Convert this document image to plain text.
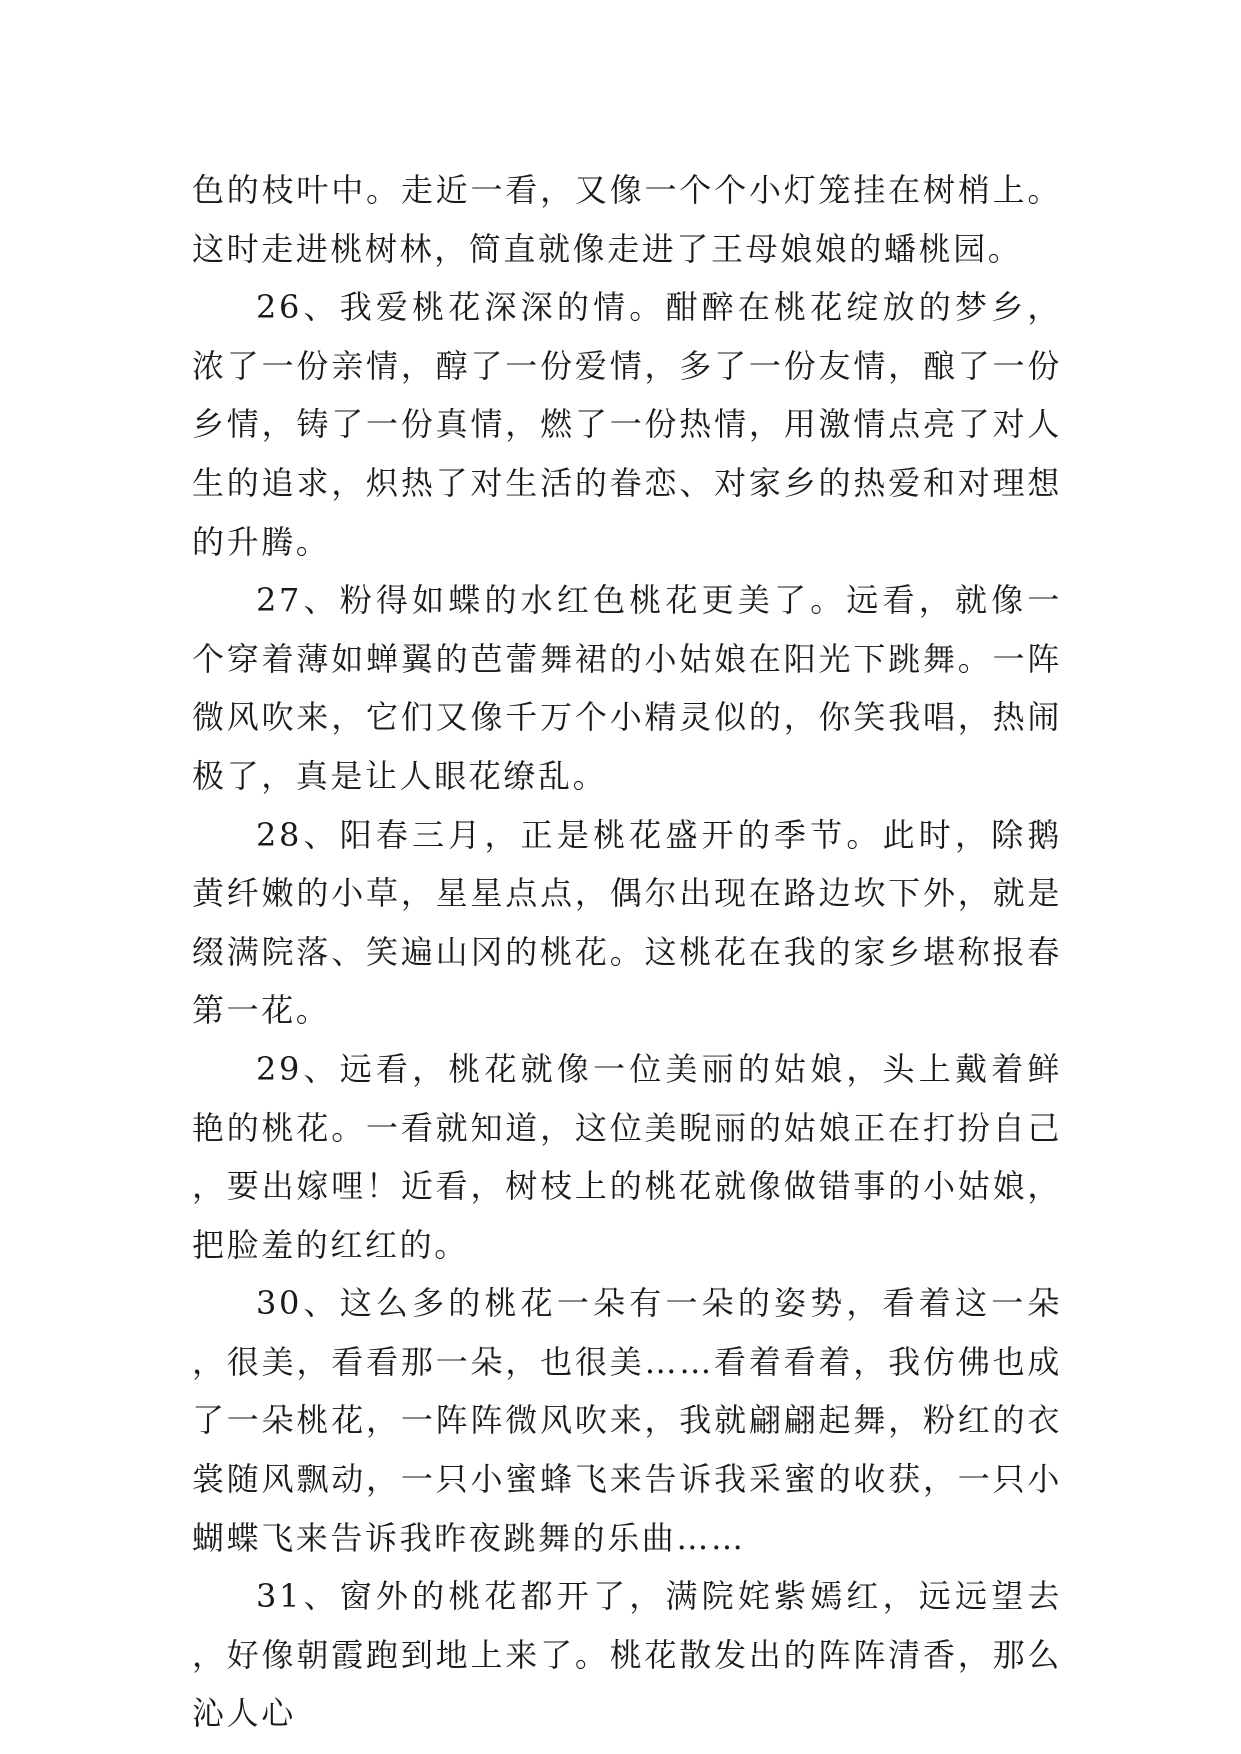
色的枝叶中。走近一看，又像一个个小灯笼挂在树梢上。这时走进桃树林，简直就像走进了王母娘娘的蟠桃园。

26、我爱桃花深深的情。酣醉在桃花绽放的梦乡，浓了一份亲情，醇了一份爱情，多了一份友情，酿了一份乡情，铸了一份真情，燃了一份热情，用激情点亮了对人生的追求，炽热了对生活的眷恋、对家乡的热爱和对理想的升腾。

27、粉得如蝶的水红色桃花更美了。远看，就像一个穿着薄如蝉翼的芭蕾舞裙的小姑娘在阳光下跳舞。一阵微风吹来，它们又像千万个小精灵似的，你笑我唱，热闹极了，真是让人眼花缭乱。

28、阳春三月，正是桃花盛开的季节。此时，除鹅黄纤嫩的小草，星星点点，偶尔出现在路边坎下外，就是缀满院落、笑遍山冈的桃花。这桃花在我的家乡堪称报春第一花。

29、远看，桃花就像一位美丽的姑娘，头上戴着鲜艳的桃花。一看就知道，这位美睨丽的姑娘正在打扮自己，要出嫁哩！近看，树枝上的桃花就像做错事的小姑娘，把脸羞的红红的。

30、这么多的桃花一朵有一朵的姿势，看着这一朵，很美，看看那一朵，也很美……看着看着，我仿佛也成了一朵桃花，一阵阵微风吹来，我就翩翩起舞，粉红的衣裳随风飘动，一只小蜜蜂飞来告诉我采蜜的收获，一只小蝴蝶飞来告诉我昨夜跳舞的乐曲……

31、窗外的桃花都开了，满院姹紫嫣红，远远望去，好像朝霞跑到地上来了。桃花散发出的阵阵清香，那么沁人心
